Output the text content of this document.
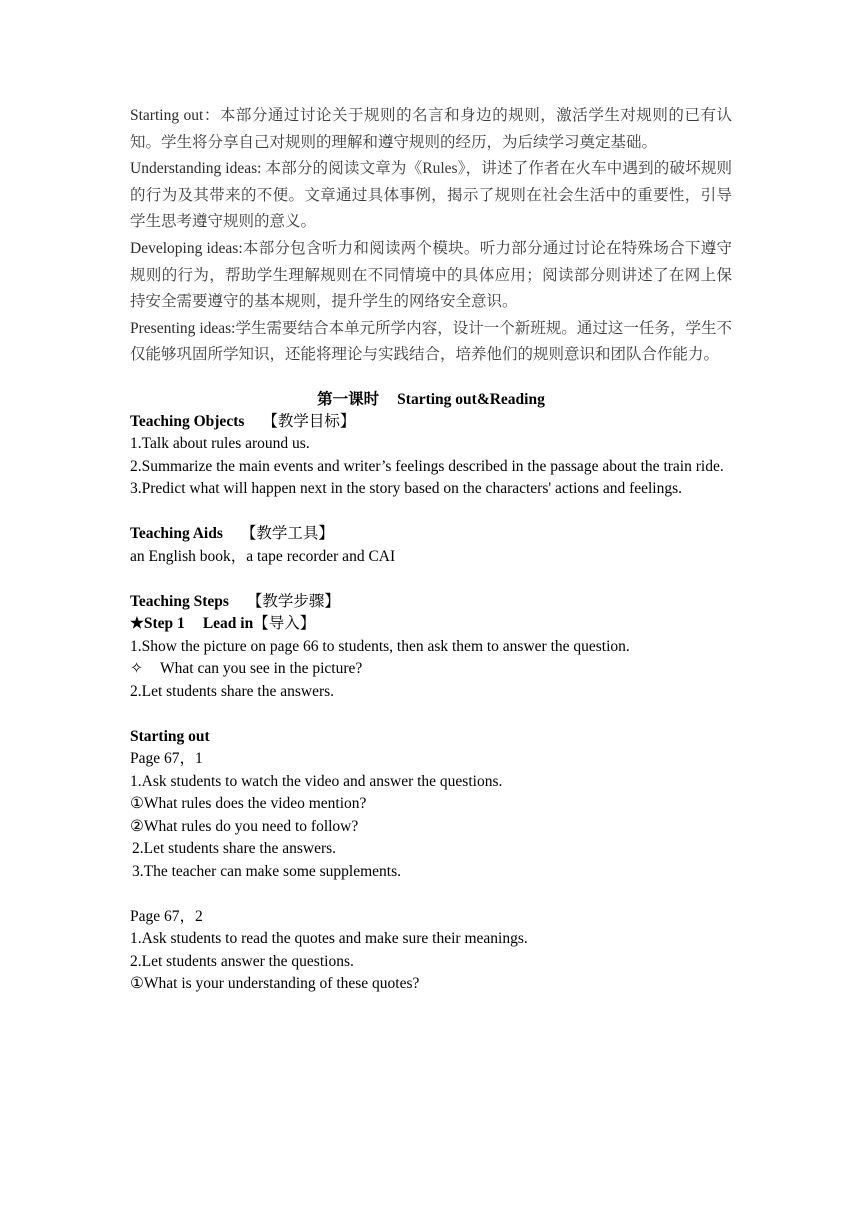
Starting out：本部分通过讨论关于规则的名言和身边的规则，激活学生对规则的已有认知。学生将分享自己对规则的理解和遵守规则的经历，为后续学习奠定基础。

Understanding ideas: 本部分的阅读文章为《Rules》，讲述了作者在火车中遇到的破坏规则的行为及其带来的不便。文章通过具体事例，揭示了规则在社会生活中的重要性，引导学生思考遵守规则的意义。

Developing ideas:本部分包含听力和阅读两个模块。听力部分通过讨论在特殊场合下遵守规则的行为，帮助学生理解规则在不同情境中的具体应用；阅读部分则讲述了在网上保持安全需要遵守的基本规则，提升学生的网络安全意识。

Presenting ideas:学生需要结合本单元所学内容，设计一个新班规。通过这一任务，学生不仅能够巩固所学知识，还能将理论与实践结合，培养他们的规则意识和团队合作能力。

第一课时 Starting out&Reading

Teaching Objects 【教学目标】

1.Talk about rules around us.

2.Summarize the main events and writer’s feelings described in the passage about the train ride.

3.Predict what will happen next in the story based on the characters' actions and feelings.

Teaching Aids 【教学工具】

an English book，a tape recorder and CAI

Teaching Steps 【教学步骤】

★Step 1 Lead in【导入】

1.Show the picture on page 66 to students, then ask them to answer the question.

✧ What can you see in the picture?

2.Let students share the answers.

Starting out

Page 67，1

1.Ask students to watch the video and answer the questions.

①What rules does the video mention?

②What rules do you need to follow?

2.Let students share the answers.

3.The teacher can make some supplements.

Page 67，2

1.Ask students to read the quotes and make sure their meanings.

2.Let students answer the questions.

①What is your understanding of these quotes?
